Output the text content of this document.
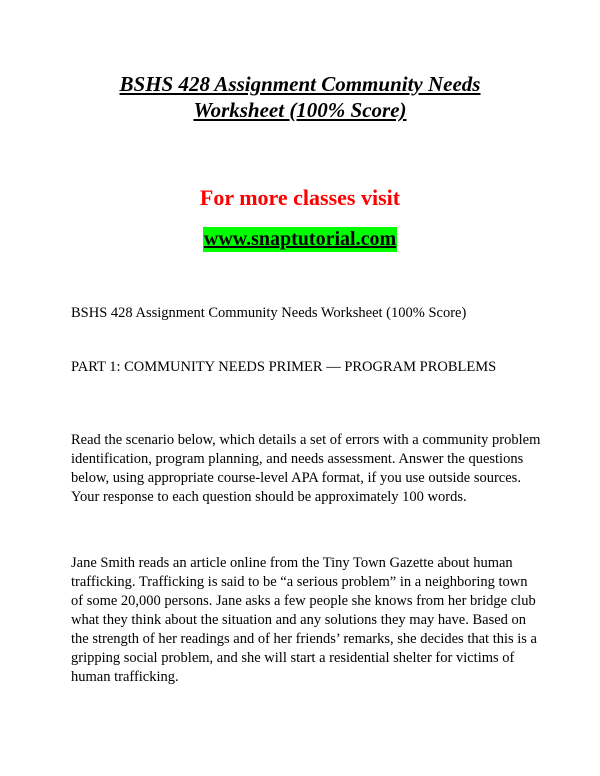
BSHS 428 Assignment Community Needs
Worksheet (100% Score)
For more classes visit
www.snaptutorial.com

BSHS 428 Assignment Community Needs Worksheet (100% Score)

PART 1: COMMUNITY NEEDS PRIMER ― PROGRAM PROBLEMS

Read the scenario below, which details a set of errors with a community problem identification, program planning, and needs assessment. Answer the questions below, using appropriate course-level APA format, if you use outside sources. Your response to each question should be approximately 100 words.

Jane Smith reads an article online from the Tiny Town Gazette about human trafficking. Trafficking is said to be “a serious problem” in a neighboring town of some 20,000 persons. Jane asks a few people she knows from her bridge club what they think about the situation and any solutions they may have. Based on the strength of her readings and of her friends’ remarks, she decides that this is a gripping social problem, and she will start a residential shelter for victims of human trafficking.
